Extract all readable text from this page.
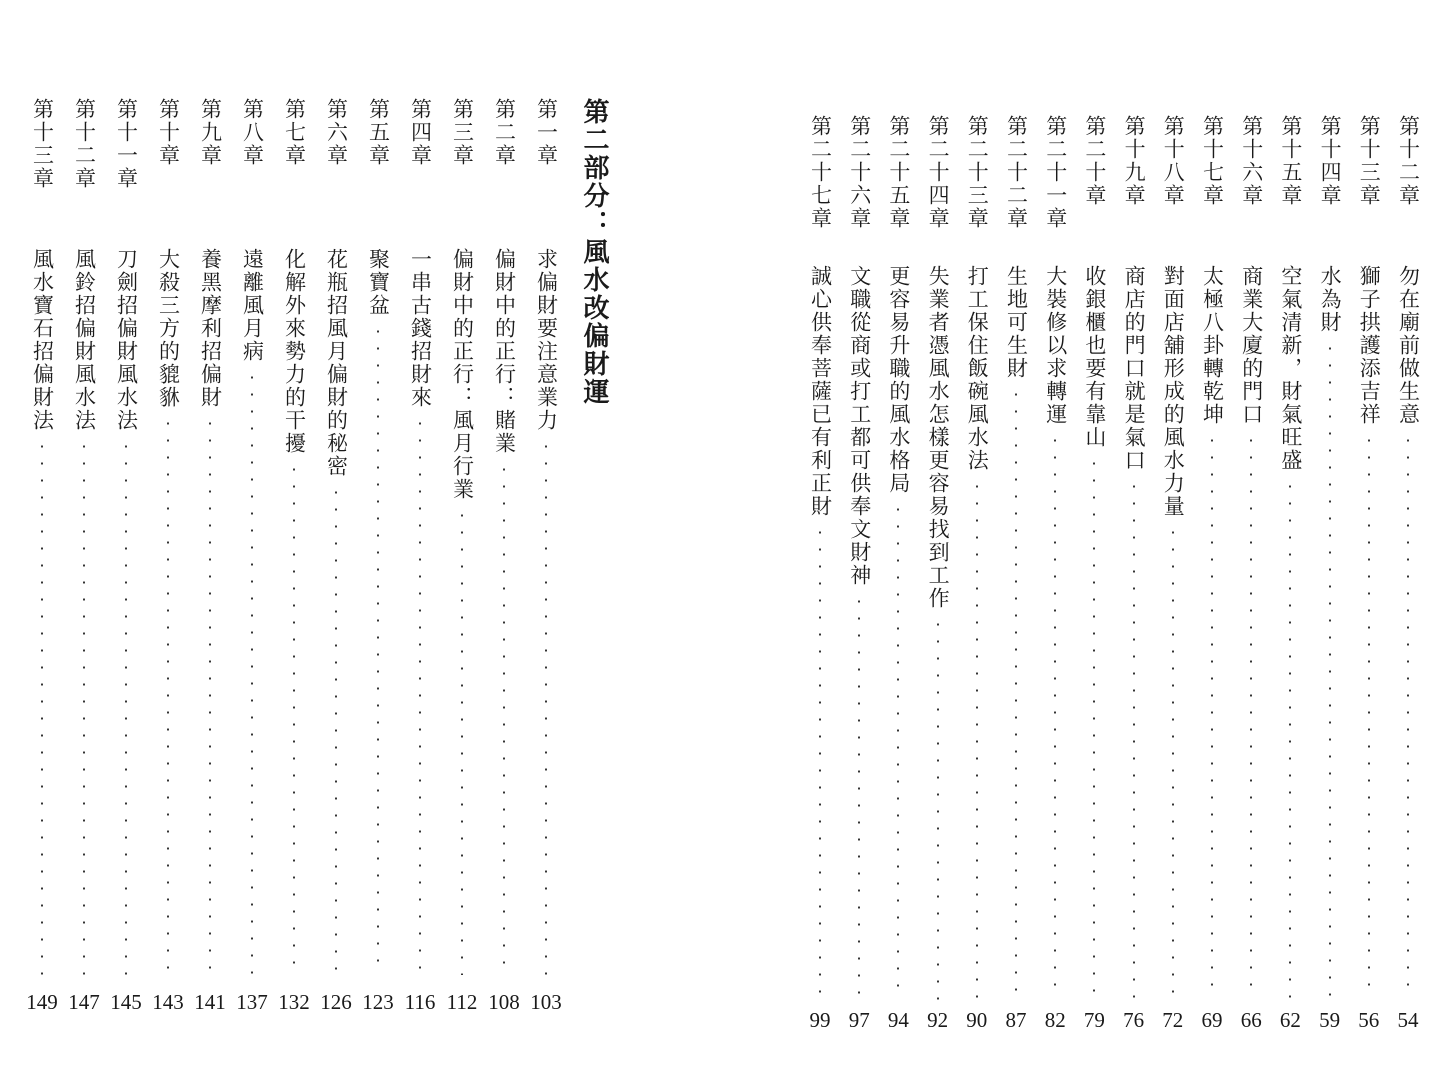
第二部分：風水改偏財運
第一章
求偏財要注意業力
103
第二章
偏財中的正行：賭業
108
第三章
偏財中的正行：風月行業
112
第四章
一串古錢招財來
116
第五章
聚寶盆
123
第六章
花瓶招風月偏財的秘密
126
第七章
化解外來勢力的干擾
132
第八章
遠離風月病
137
第九章
養黑摩利招偏財
141
第十章
大殺三方的貔貅
143
第十一章
刀劍招偏財風水法
145
第十二章
風鈴招偏財風水法
147
第十三章
風水寶石招偏財法
149
第十二章
勿在廟前做生意
54
第十三章
獅子拱護添吉祥
56
第十四章
水為財
59
第十五章
空氣清新，財氣旺盛
62
第十六章
商業大廈的門口
66
第十七章
太極八卦轉乾坤
69
第十八章
對面店舖形成的風水力量
72
第十九章
商店的門口就是氣口
76
第二十章
收銀櫃也要有靠山
79
第二十一章
大裝修以求轉運
82
第二十二章
生地可生財
87
第二十三章
打工保住飯碗風水法
90
第二十四章
失業者憑風水怎樣更容易找到工作
92
第二十五章
更容易升職的風水格局
94
第二十六章
文職從商或打工都可供奉文財神
97
第二十七章
誠心供奉菩薩已有利正財
99
